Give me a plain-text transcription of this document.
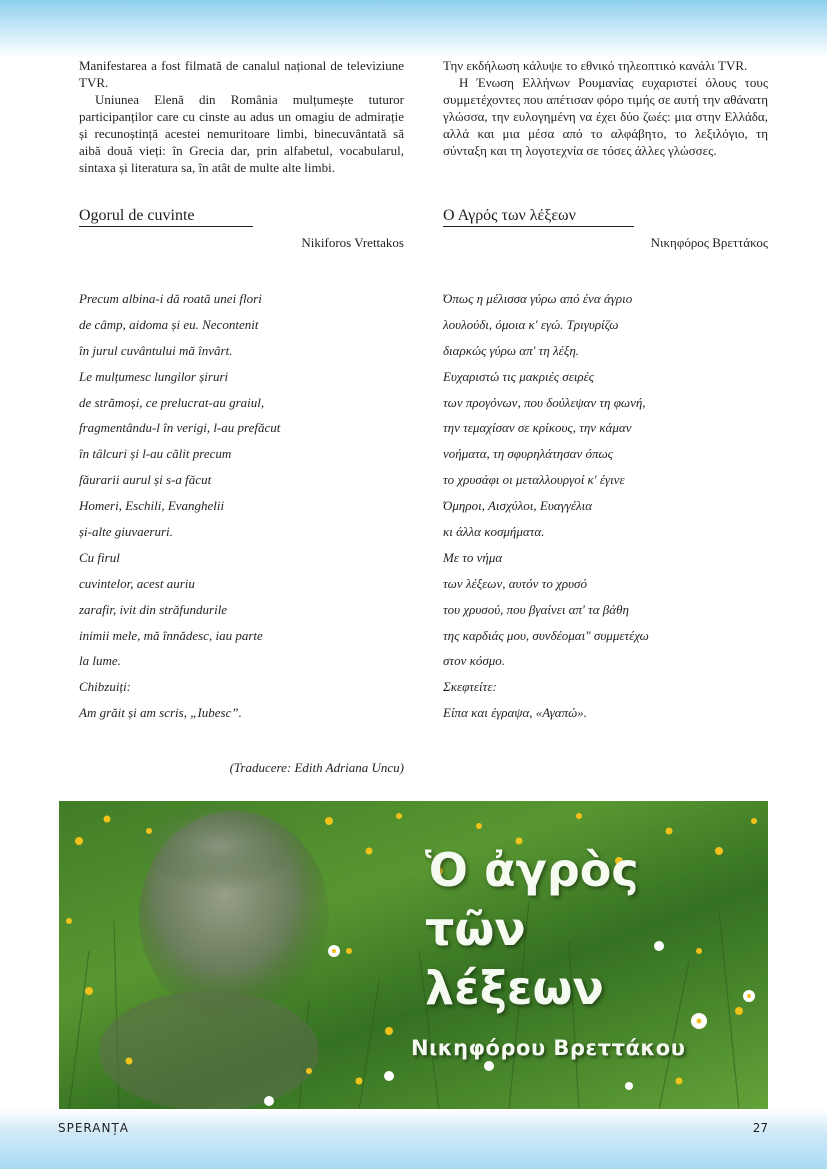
Manifestarea a fost filmată de canalul național de televiziune TVR.

Uniunea Elenă din România mulțumește tuturor participanților care cu cinste au adus un omagiu de admirație și recunoștință acestei nemuritoare limbi, binecuvântată să aibă două vieți: în Grecia dar, prin alfabetul, vocabularul, sintaxa și literatura sa, în atât de multe alte limbi.

Την εκδήλωση κάλυψε το εθνικό τηλεοπτικό κανάλι TVR.

Η Ένωση Ελλήνων Ρουμανίας ευχαριστεί όλους τους συμμετέχοντες που απέτισαν φόρο τιμής σε αυτή την αθάνατη γλώσσα, την ευλογημένη να έχει δύο ζωές: μια στην Ελλάδα, αλλά και μια μέσα από το αλφάβητο, το λεξιλόγιο, τη σύνταξη και τη λογοτεχνία σε τόσες άλλες γλώσσες.

Ogorul de cuvinte
Nikiforos Vrettakos
Ο Αγρός των λέξεων
Νικηφόρος Βρεττάκος
Precum albina-i dă roată unei flori
de câmp, aidoma și eu. Necontenit
în jurul cuvântului mă învârt.
Le mulțumesc lungilor șiruri
de strămoși, ce prelucrat-au graiul,
fragmentându-l în verigi, l-au prefăcut
în tâlcuri și l-au călit precum
făurarii aurul și s-a făcut
Homeri, Eschili, Evanghelii
și-alte giuvaeruri.
Cu firul
cuvintelor, acest auriu
zarafir, ivit din străfundurile
inimii mele, mă înnădesc, iau parte
la lume.
Chibzuiți:
Am grăit și am scris, „Iubesc”.
Όπως η μέλισσα γύρω από ένα άγριο
λουλούδι, όμοια κ' εγώ. Τριγυρίζω
διαρκώς γύρω απ' τη λέξη.
Ευχαριστώ τις μακριές σειρές
των προγόνων, που δούλεψαν τη φωνή,
την τεμαχίσαν σε κρίκους, την κάμαν
νοήματα, τη σφυρηλάτησαν όπως
το χρυσάφι οι μεταλλουργοί κ' έγινε
Όμηροι, Αισχύλοι, Ευαγγέλια
κι άλλα κοσμήματα.
Με το νήμα
των λέξεων, αυτόν το χρυσό
του χρυσού, που βγαίνει απ' τα βάθη
της καρδιάς μου, συνδέομαι" συμμετέχω
στον κόσμο.
Σκεφτείτε:
Είπα και έγραψα, «Αγαπώ».
(Traducere: Edith Adriana Uncu)
Ὁ ἀγρὸς
τῶν
λέξεων
Νικηφόρου Βρεττάκου
SPERANȚA	27
